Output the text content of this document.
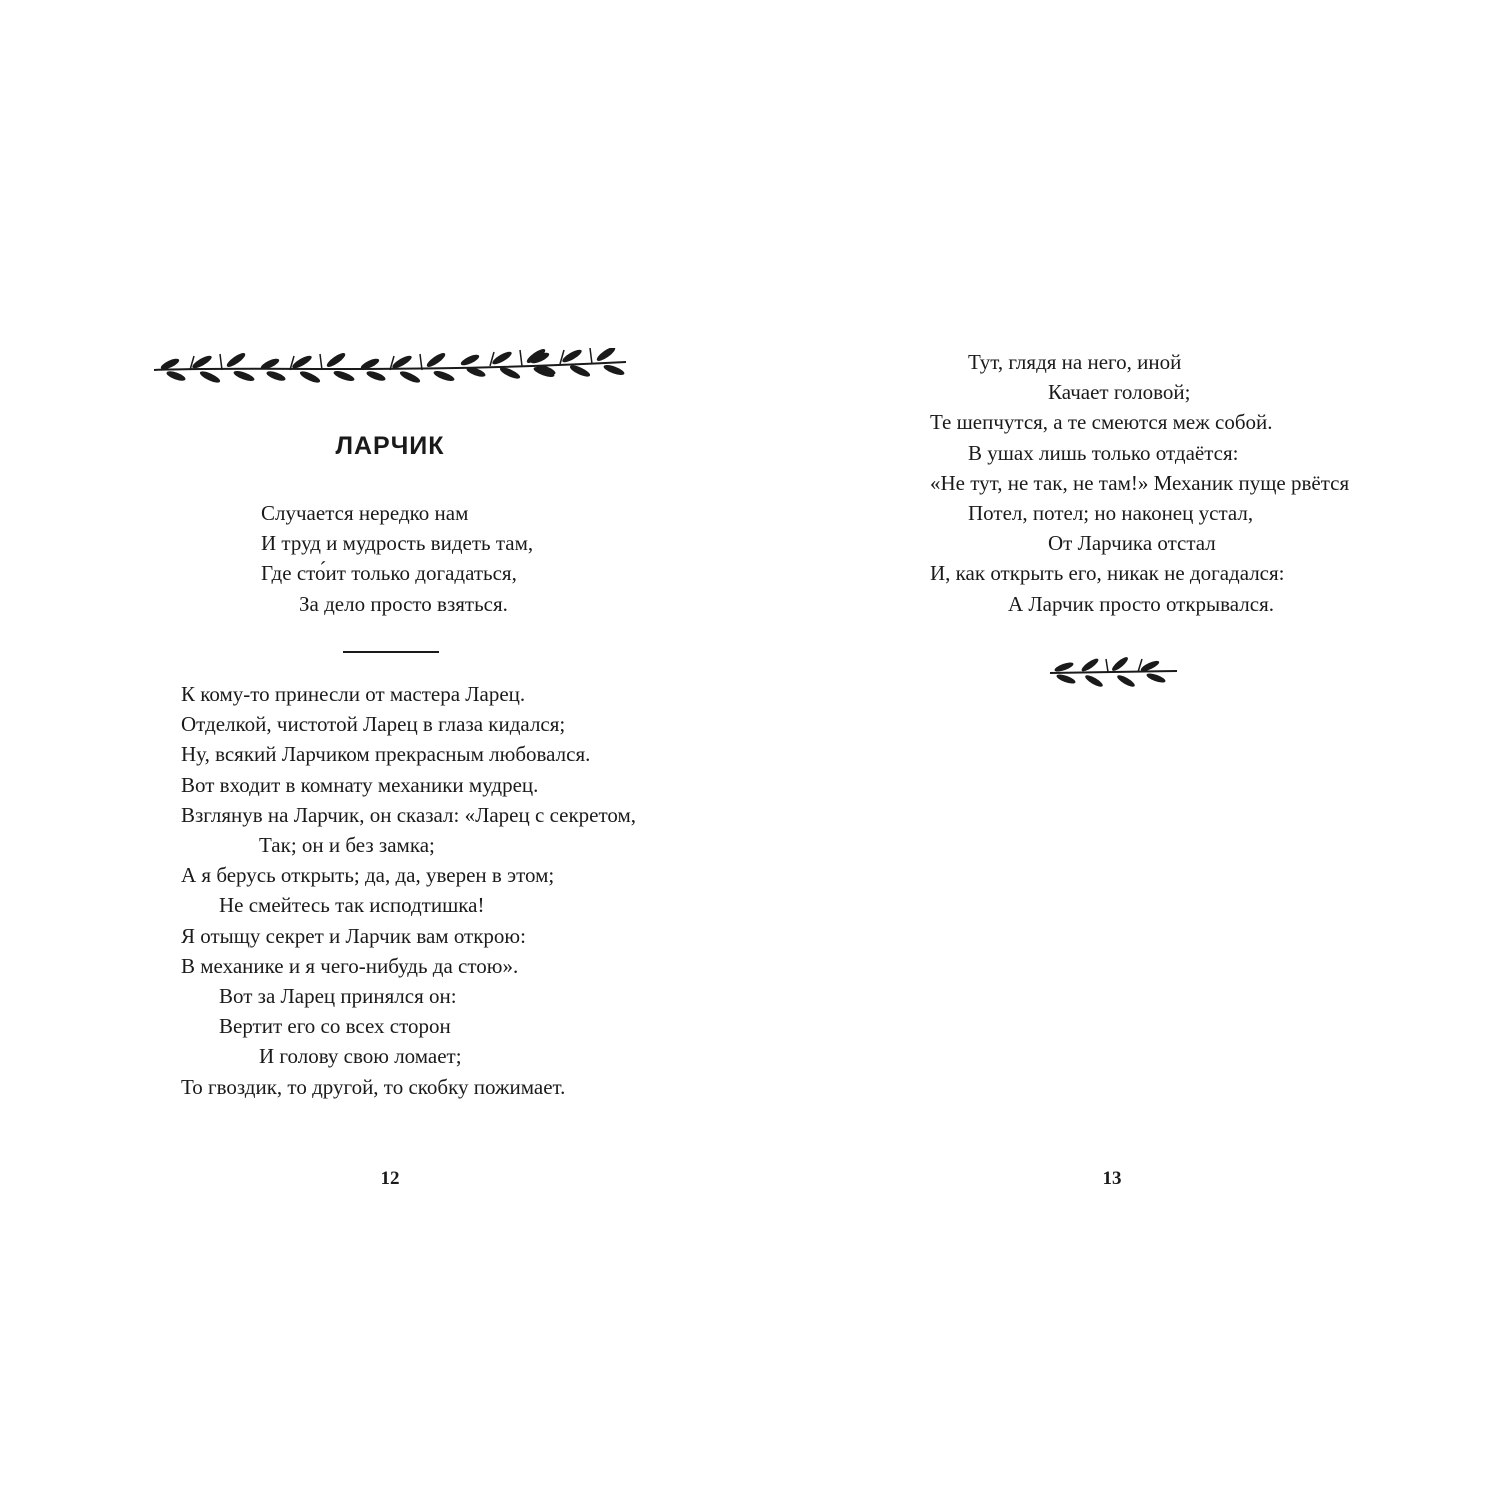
ЛАРЧИК
Случается нередко нам
И труд и мудрость видеть там,
Где сто́ит только догадаться,
За дело просто взяться.
К кому-то принесли от мастера Ларец.
Отделкой, чистотой Ларец в глаза кидался;
Ну, всякий Ларчиком прекрасным любовался.
Вот входит в комнату механики мудрец.
Взглянув на Ларчик, он сказал: «Ларец с секретом,
Так; он и без замка;
А я берусь открыть; да, да, уверен в этом;
Не смейтесь так исподтишка!
Я отыщу секрет и Ларчик вам открою:
В механике и я чего-нибудь да стою».
Вот за Ларец принялся он:
Вертит его со всех сторон
И голову свою ломает;
То гвоздик, то другой, то скобку пожимает.
12
Тут, глядя на него, иной
Качает головой;
Те шепчутся, а те смеются меж собой.
В ушах лишь только отдаётся:
«Не тут, не так, не там!» Механик пуще рвётся
Потел, потел; но наконец устал,
От Ларчика отстал
И, как открыть его, никак не догадался:
А Ларчик просто открывался.
13
